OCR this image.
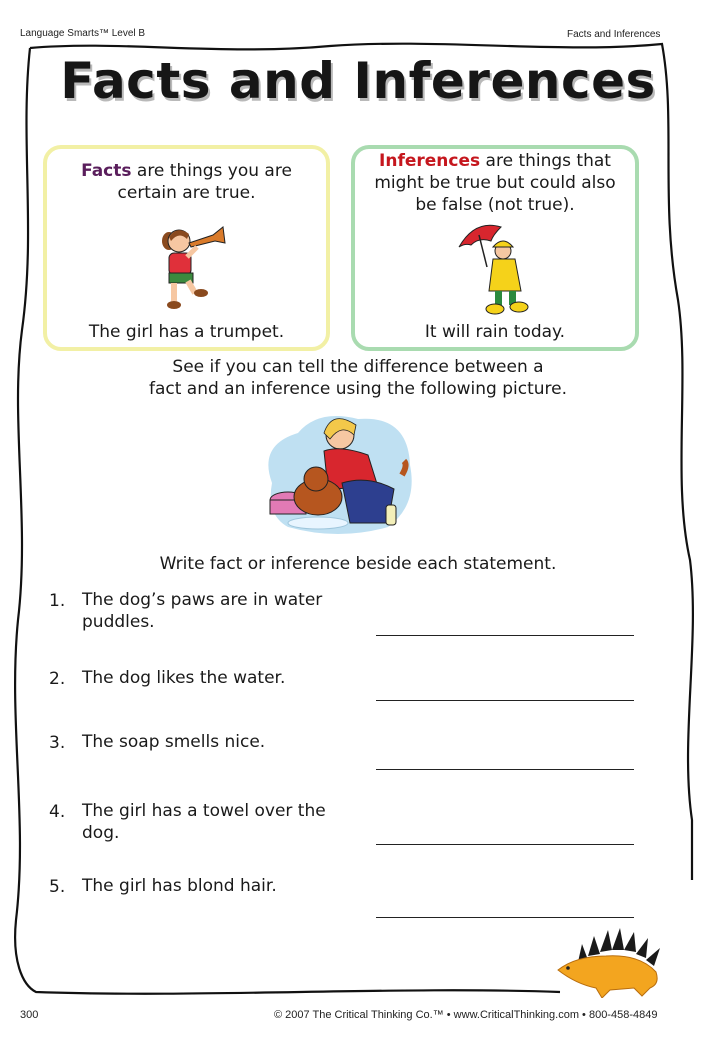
Language Smarts™ Level B	Facts and Inferences
Facts and Inferences
Facts are things you are
certain are true.
The girl has a trumpet.
Inferences are things that
might be true but could also
be false (not true).
It will rain today.
See if you can tell the difference between a
fact and an inference using the following picture.
Write fact or inference beside each statement.
1. The dog’s paws are in water
puddles.
2. The dog likes the water.
3. The soap smells nice.
4. The girl has a towel over the
dog.
5. The girl has blond hair.
300	© 2007 The Critical Thinking Co.™ • www.CriticalThinking.com • 800-458-4849
